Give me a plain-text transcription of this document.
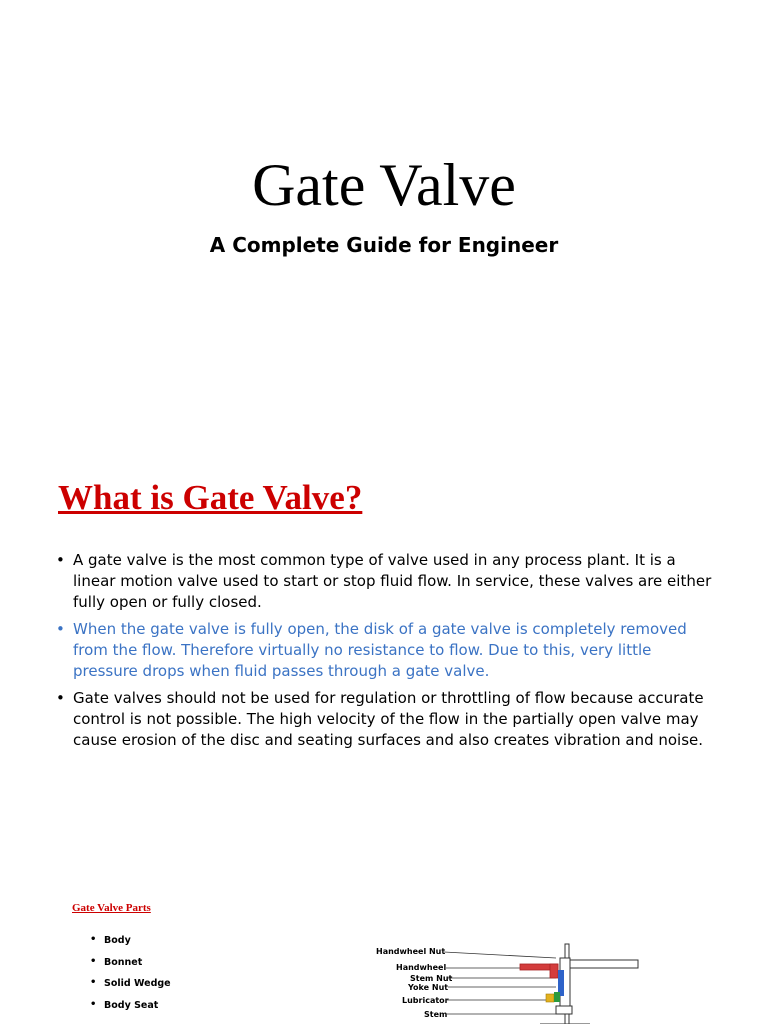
Gate Valve
A Complete Guide for Engineer
What is Gate Valve?
• A gate valve is the most common type of valve used in any process plant. It is a linear motion valve used to start or stop fluid flow. In service, these valves are either fully open or fully closed.
• When the gate valve is fully open, the disk of a gate valve is completely removed from the flow. Therefore virtually no resistance to flow. Due to this, very little pressure drops when fluid passes through a gate valve.
• Gate valves should not be used for regulation or throttling of flow because accurate control is not possible. The high velocity of the flow in the partially open valve may cause erosion of the disc and seating surfaces and also creates vibration and noise.
Gate Valve Parts
• Body
• Bonnet
• Solid Wedge
• Body Seat
Handwheel Nut
Handwheel
Stem Nut
Yoke Nut
Lubricator
Stem
